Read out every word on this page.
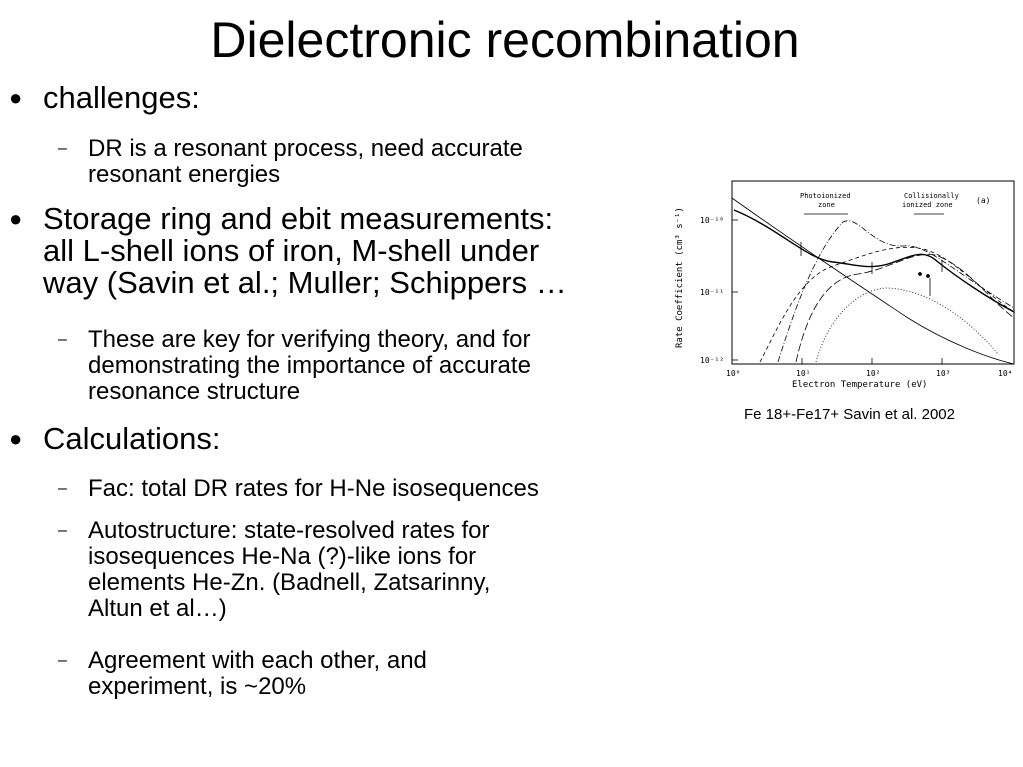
Dielectronic recombination
● challenges:
– DR is a resonant process, need accurate
resonant energies
● Storage ring and ebit measurements:
all L-shell ions of iron, M-shell under
way (Savin et al.; Muller; Schippers …
– These are key for verifying theory, and for
demonstrating the importance of accurate
resonance structure
● Calculations:
– Fac: total DR rates for H-Ne isosequences
– Autostructure: state-resolved rates for
isosequences He-Na (?)-like ions for
elements He-Zn. (Badnell, Zatsarinny,
Altun et al…)
– Agreement with each other, and
experiment, is ~20%
Rate Coefficient (cm³ s⁻¹) 10⁻¹⁰
10⁻¹¹
10⁻¹²
10⁰	10¹	10²	10³	10⁴
Electron Temperature (eV)
Photoionized
zone
Collisionally
ionized zone	(a)
Fe 18+-Fe17+ Savin et al. 2002
